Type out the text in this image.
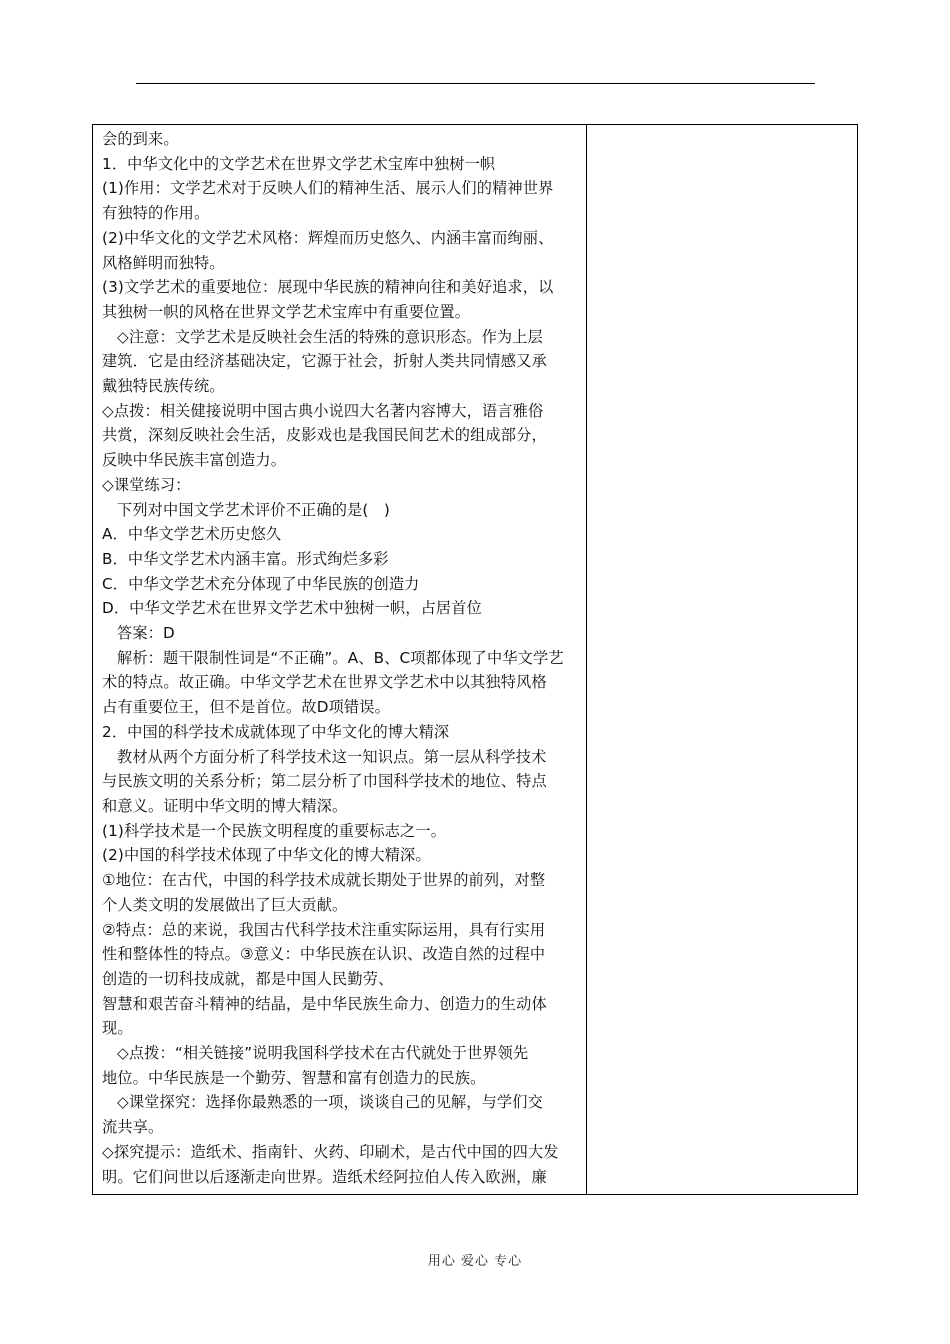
会的到来。
1．中华文化中的文学艺术在世界文学艺术宝库中独树一帜
(1)作用：文学艺术对于反映人们的精神生活、展示人们的精神世界
有独特的作用。
(2)中华文化的文学艺术风格：辉煌而历史悠久、内涵丰富而绚丽、
风格鲜明而独特。
(3)文学艺术的重要地位：展现中华民族的精神向往和美好追求，以
其独树一帜的风格在世界文学艺术宝库中有重要位置。
◇注意：文学艺术是反映社会生活的特殊的意识形态。作为上层
建筑．它是由经济基础决定，它源于社会，折射人类共同情感又承
戴独特民族传统。
◇点拨：相关健接说明中国古典小说四大名著内容博大，语言雅俗
共赏，深刻反映社会生活，皮影戏也是我国民间艺术的组成部分，
反映中华民族丰富创造力。
◇课堂练习：
下列对中国文学艺术评价不正确的是(　)
A．中华文学艺术历史悠久
B．中华文学艺术内涵丰富。形式绚烂多彩
C．中华文学艺术充分体现了中华民族的创造力
D．中华文学艺术在世界文学艺术中独树一帜，占居首位
答案：D
解析：题干限制性词是“不正确”。A、B、C项都体现了中华文学艺
术的特点。故正确。中华文学艺术在世界文学艺术中以其独特风格
占有重要位王，但不是首位。故D项错误。
2．中国的科学技术成就体现了中华文化的博大精深
教材从两个方面分析了科学技术这一知识点。第一层从科学技术
与民族文明的关系分析；第二层分析了巾国科学技术的地位、特点
和意义。证明中华文明的博大精深。
(1)科学技术是一个民族文明程度的重要标志之一。
(2)中国的科学技术体现了中华文化的博大精深。
①地位：在古代，中国的科学技术成就长期处于世界的前列，对整
个人类文明的发展做出了巨大贡献。
②特点：总的来说，我国古代科学技术注重实际运用，具有行实用
性和整体性的特点。③意义：中华民族在认识、改造自然的过程中
创造的一切科技成就，都是中国人民勤劳、
智慧和艰苦奋斗精神的结晶，是中华民族生命力、创造力的生动体
现。
◇点拨：“相关链接”说明我国科学技术在古代就处于世界领先
地位。中华民族是一个勤劳、智慧和富有创造力的民族。
◇课堂探究：选择你最熟悉的一项，谈谈自己的见解，与学们交
流共享。
◇探究提示：造纸术、指南针、火药、印刷术，是古代中国的四大发
明。它们问世以后逐渐走向世界。造纸术经阿拉伯人传入欧洲，廉
用心 爱心 专心
